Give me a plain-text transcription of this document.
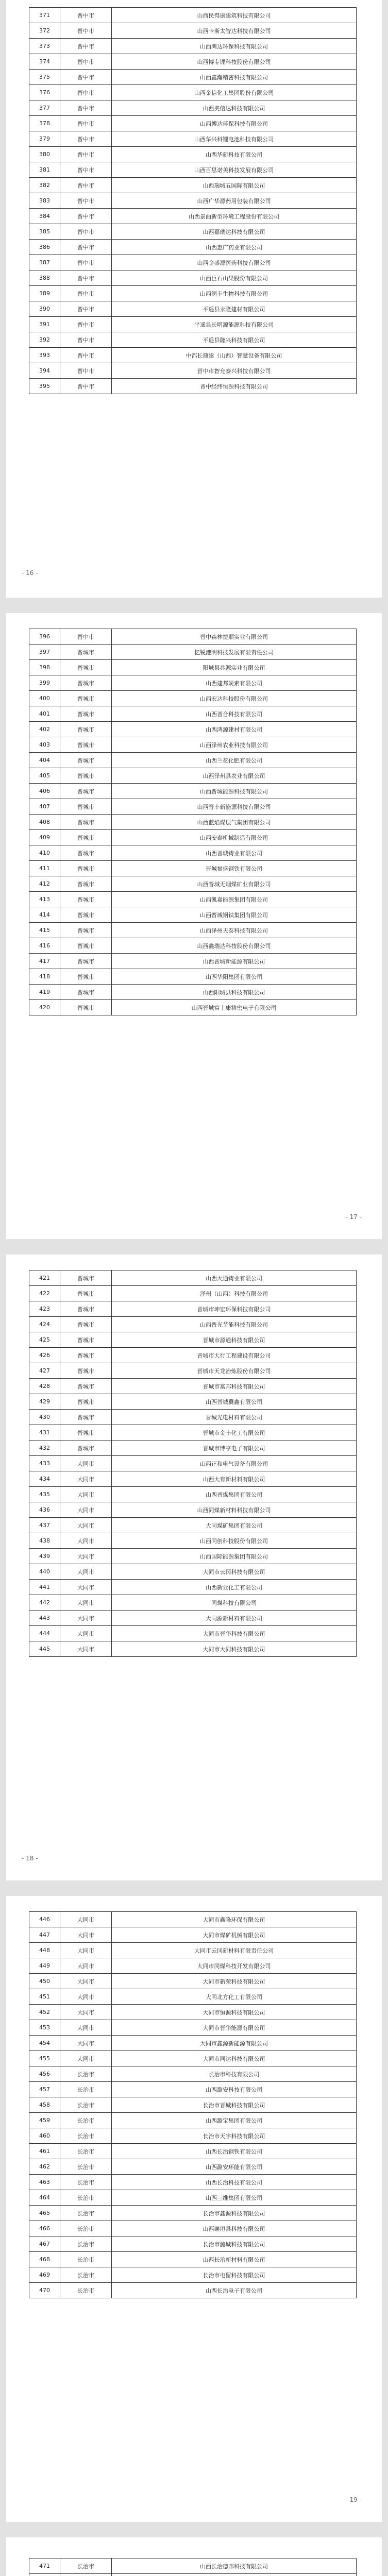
371	晋中市	山西民得康建筑科技有限公司
372	晋中市	山西卡斯太智达科技有限公司
373	晋中市	山西鸿达环保科技有限公司
374	晋中市	山西博专锂科技股份有限公司
375	晋中市	山西鑫瀚精密科技有限公司
376	晋中市	山西金信化工集团股份有限公司
377	晋中市	山西美信达科技有限公司
378	晋中市	山西博达环保科技有限公司
379	晋中市	山西华兴科锂电池科技有限公司
380	晋中市	山西华新科技有限公司
381	晋中市	山西百思诺美科技发展有限公司
382	晋中市	山西瑞城五国际有限公司
383	晋中市	山西广华源药用包装有限公司
384	晋中市	山西景曲新型环境工程股份有限公司
385	晋中市	山西嘉瑞达科技有限公司
386	晋中市	山西惠广药业有限公司
387	晋中市	山西金盛源医药科技有限公司
388	晋中市	山西巨石山果股份有限公司
389	晋中市	山西润丰生物科技有限公司
390	晋中市	平遥县永隆建材有限公司
391	晋中市	平遥县长明源能源科技有限公司
392	晋中市	平遥县隆兴科技有限公司
393	晋中市	中都长鼎建（山西）智慧设备有限公司
394	晋中市	晋中市智允泰兴科技有限公司
395	晋中市	晋中经纬恒源科技有限公司
- 16 -
396	晋中市	晋中森林捷顺实业有限公司
397	晋城市	忆锐港明科技发展有限责任公司
398	晋城市	阳城县兆源实业有限公司
399	晋城市	山西建邦炭素有限公司
400	晋城市	山西宏达科技股份有限公司
401	晋城市	山西晋合科技有限公司
402	晋城市	山西鸿源建材有限公司
403	晋城市	山西泽州农业科技有限公司
404	晋城市	山西兰花化肥有限公司
405	晋城市	山西泽州县农业有限公司
406	晋城市	山西晋城能源科技有限公司
407	晋城市	山西晋丰新能源科技有限公司
408	晋城市	山西蓝焰煤层气集团有限公司
409	晋城市	山西安泰机械制造有限公司
410	晋城市	山西晋城铸业有限公司
411	晋城市	晋城福盛钢铁有限公司
412	晋城市	山西晋城无烟煤矿业有限公司
413	晋城市	山西凯嘉能源集团有限公司
414	晋城市	山西晋城钢铁集团有限公司
415	晋城市	山西泽州天泰科技有限公司
416	晋城市	山西鑫瑞达科技股份有限公司
417	晋城市	山西晋城新能源有限公司
418	晋城市	山西华阳集团有限公司
419	晋城市	山西阳城县科技有限公司
420	晋城市	山西晋城富士康精密电子有限公司
- 17 -
421	晋城市	山西大通铸业有限公司
422	晋城市	泽州（山西）科技有限公司
423	晋城市	晋城市坤宏环保科技有限公司
424	晋城市	山西晋光节能科技有限公司
425	晋城市	晋城市源通科技有限公司
426	晋城市	晋城市大行工程建设有限公司
427	晋城市	晋城市天龙冶炼股份有限公司
428	晋城市	晋城市富邦科技有限公司
429	晋城市	山西晋城冀鑫有限公司
430	晋城市	晋城光电材料有限公司
431	晋城市	晋城市金丰化工有限公司
432	晋城市	晋城市博亨电子有限公司
433	大同市	山西正和电气设备有限公司
434	大同市	山西大有新材料有限公司
435	大同市	山西晋煤集团有限公司
436	大同市	山西同煤新材料科技有限公司
437	大同市	大同煤矿集团有限公司
438	大同市	山西同创科技股份有限公司
439	大同市	山西国际能源集团有限公司
440	大同市	大同市云冈科技有限公司
441	大同市	山西新业化工有限公司
442	大同市	同煤科技有限公司
443	大同市	大同源新材料有限公司
444	大同市	大同市晋华科技有限公司
445	大同市	大同市大同科技有限公司
- 18 -
446	大同市	大同市鑫隆环保有限公司
447	大同市	大同市煤矿机械有限公司
448	大同市	大同市云冈新材料有限责任公司
449	大同市	大同市同煤科技开发有限公司
450	大同市	大同市新荣科技有限公司
451	大同市	大同北方化工有限公司
452	大同市	大同市恒源科技有限公司
453	大同市	大同市晋华能源有限公司
454	大同市	大同市鑫源新能源有限公司
455	大同市	大同市同达科技有限公司
456	长治市	长治市科技有限公司
457	长治市	山西潞安科技有限公司
458	长治市	长治市晋城科技有限公司
459	长治市	山西潞宝集团有限公司
460	长治市	长治市天宇科技有限公司
461	长治市	山西长治钢铁有限公司
462	长治市	山西潞安环能有限公司
463	长治市	山西长治科技有限公司
464	长治市	山西三维集团有限公司
465	长治市	长治市鑫源科技有限公司
466	长治市	山西襄垣县科技有限公司
467	长治市	长治市潞城科技有限公司
468	长治市	山西长治新材料有限公司
469	长治市	长治市屯留科技有限公司
470	长治市	山西长治电子有限公司
- 19 -
471	长治市	山西长治德邦科技有限公司
